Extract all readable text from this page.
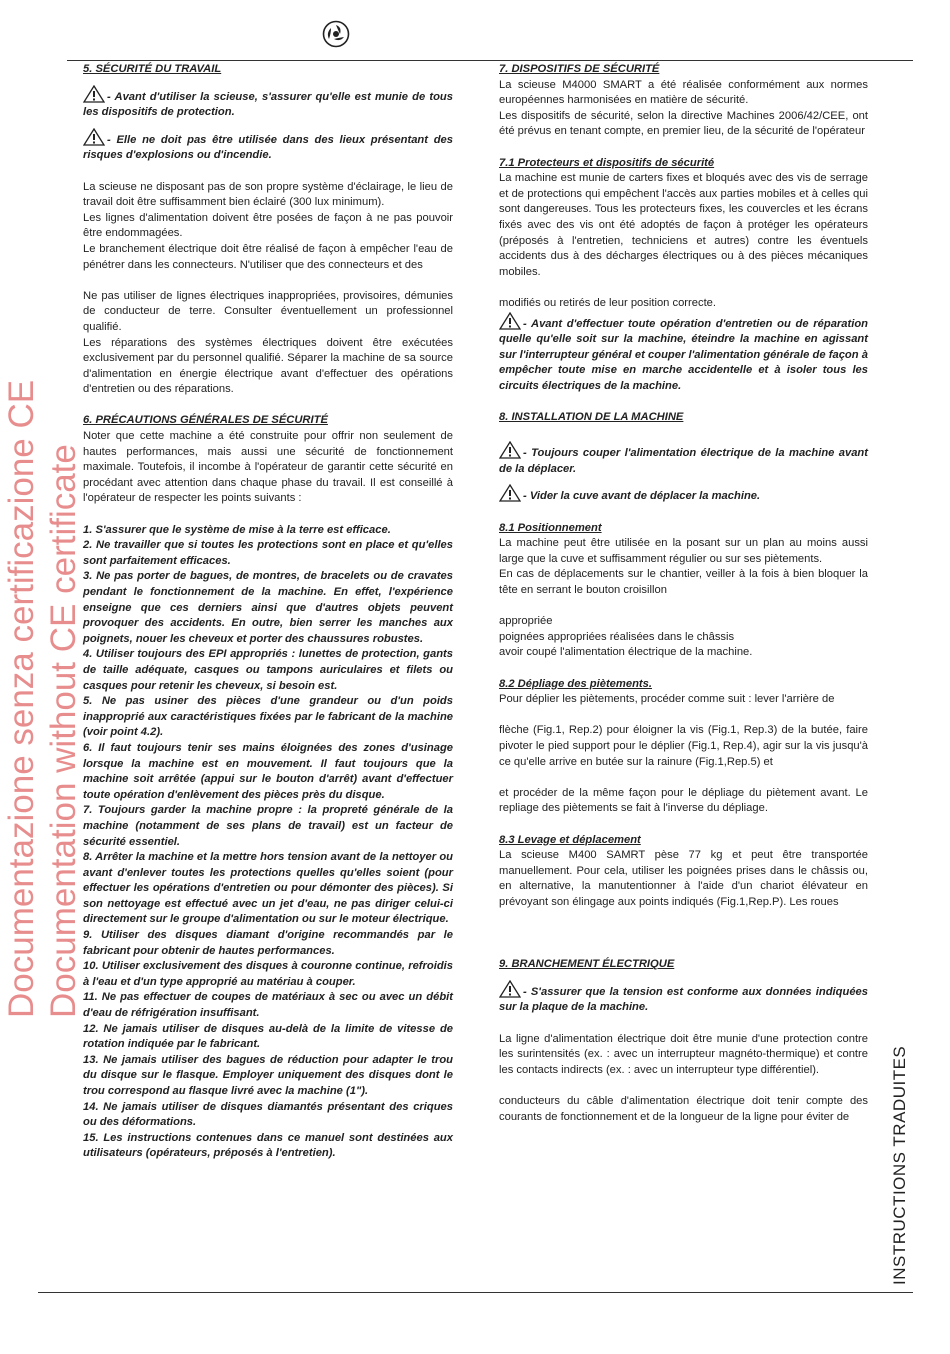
Documentazione senza certificazione CE Documentation without CE certificate
INSTRUCTIONS TRADUITES

5. SÉCURITÉ DU TRAVAIL

- Avant d'utiliser la scieuse, s'assurer qu'elle est munie de tous les dispositifs de protection.

- Elle ne doit pas être utilisée dans des lieux présentant des risques d'explosions ou d'incendie.

La scieuse ne disposant pas de son propre système d'éclairage, le lieu de travail doit être suffisamment bien éclairé (300 lux minimum).

Les lignes d'alimentation doivent être posées de façon à ne pas pouvoir être endommagées.

Le branchement électrique doit être réalisé de façon à empêcher l'eau de pénétrer dans les connecteurs. N'utiliser que des connecteurs et des

Ne pas utiliser de lignes électriques inappropriées, provisoires, démunies de conducteur de terre. Consulter éventuellement un professionnel qualifié.

Les réparations des systèmes électriques doivent être exécutées exclusivement par du personnel qualifié. Séparer la machine de sa source d'alimentation en énergie électrique avant d'effectuer des opérations d'entretien ou des réparations.

6. PRÉCAUTIONS GÉNÉRALES DE SÉCURITÉ

Noter que cette machine a été construite pour offrir non seulement de hautes performances, mais aussi une sécurité de fonctionnement maximale. Toutefois, il incombe à l'opérateur de garantir cette sécurité en procédant avec attention dans chaque phase du travail. Il est conseillé à l'opérateur de respecter les points suivants :

1. S'assurer que le système de mise à la terre est efficace.

2. Ne travailler que si toutes les protections sont en place et qu'elles sont parfaitement efficaces.

3. Ne pas porter de bagues, de montres, de bracelets ou de cravates pendant le fonctionnement de la machine. En effet, l'expérience enseigne que ces derniers ainsi que d'autres objets peuvent provoquer des accidents. En outre, bien serrer les manches aux poignets, nouer les cheveux et porter des chaussures robustes.

4. Utiliser toujours des EPI appropriés : lunettes de protection, gants de taille adéquate, casques ou tampons auriculaires et filets ou casques pour retenir les cheveux, si besoin est.

5. Ne pas usiner des pièces d'une grandeur ou d'un poids inapproprié aux caractéristiques fixées par le fabricant de la machine (voir point 4.2).

6. Il faut toujours tenir ses mains éloignées des zones d'usinage lorsque la machine est en mouvement. Il faut toujours que la machine soit arrêtée (appui sur le bouton d'arrêt) avant d'effectuer toute opération d'enlèvement des pièces près du disque.

7. Toujours garder la machine propre : la propreté générale de la machine (notamment de ses plans de travail) est un facteur de sécurité essentiel.

8. Arrêter la machine et la mettre hors tension avant de la nettoyer ou avant d'enlever toutes les protections quelles qu'elles soient (pour effectuer les opérations d'entretien ou pour démonter des pièces). Si son nettoyage est effectué avec un jet d'eau, ne pas diriger celui-ci directement sur le groupe d'alimentation ou sur le moteur électrique.

9. Utiliser des disques diamant d'origine recommandés par le fabricant pour obtenir de hautes performances.

10. Utiliser exclusivement des disques à couronne continue, refroidis à l'eau et d'un type approprié au matériau à couper.

11. Ne pas effectuer de coupes de matériaux à sec ou avec un débit d'eau de réfrigération insuffisant.

12. Ne jamais utiliser de disques au-delà de la limite de vitesse de rotation indiquée par le fabricant.

13. Ne jamais utiliser des bagues de réduction pour adapter le trou du disque sur le flasque. Employer uniquement des disques dont le trou correspond au flasque livré avec la machine (1").

14. Ne jamais utiliser de disques diamantés présentant des criques ou des déformations.

15. Les instructions contenues dans ce manuel sont destinées aux utilisateurs (opérateurs, préposés à l'entretien).

7. DISPOSITIFS DE SÉCURITÉ

La scieuse M4000 SMART a été réalisée conformément aux normes européennes harmonisées en matière de sécurité.

Les dispositifs de sécurité, selon la directive Machines 2006/42/CEE, ont été prévus en tenant compte, en premier lieu, de la sécurité de l'opérateur

7.1 Protecteurs et dispositifs de sécurité

La machine est munie de carters fixes et bloqués avec des vis de serrage et de protections qui empêchent l'accès aux parties mobiles et à celles qui sont dangereuses. Tous les protecteurs fixes, les couvercles et les écrans fixés avec des vis ont été adoptés de façon à protéger les opérateurs (préposés à l'entretien, techniciens et autres) contre les éventuels accidents dus à des décharges électriques ou à des pièces mécaniques mobiles.

modifiés ou retirés de leur position correcte.

- Avant d'effectuer toute opération d'entretien ou de réparation quelle qu'elle soit sur la machine, éteindre la machine en agissant sur l'interrupteur général et couper l'alimentation générale de façon à empêcher toute mise en marche accidentelle et à isoler tous les circuits électriques de la machine.

8. INSTALLATION DE LA MACHINE

- Toujours couper l'alimentation électrique de la machine avant de la déplacer.

- Vider la cuve avant de déplacer la machine.

8.1 Positionnement

La machine peut être utilisée en la posant sur un plan au moins aussi large que la cuve et suffisamment régulier ou sur ses piètements.

En cas de déplacements sur le chantier, veiller à la fois à bien bloquer la tête en serrant le bouton croisillon

appropriée

poignées appropriées réalisées dans le châssis

avoir coupé l'alimentation électrique de la machine.

8.2 Dépliage des piètements.

Pour déplier les piètements, procéder comme suit : lever l'arrière de

flèche (Fig.1, Rep.2) pour éloigner la vis (Fig.1, Rep.3) de la butée, faire pivoter le pied support pour le déplier (Fig.1, Rep.4), agir sur la vis jusqu'à ce qu'elle arrive en butée sur la rainure (Fig.1,Rep.5) et

et procéder de la même façon pour le dépliage du piètement avant. Le repliage des piètements se fait à l'inverse du dépliage.

8.3 Levage et déplacement

La scieuse M400 SAMRT pèse 77 kg et peut être transportée manuellement. Pour cela, utiliser les poignées prises dans le châssis ou, en alternative, la manutentionner à l'aide d'un chariot élévateur en prévoyant son élingage aux points indiqués (Fig.1,Rep.P). Les roues

9. BRANCHEMENT ÉLECTRIQUE

- S'assurer que la tension est conforme aux données indiquées sur la plaque de la machine.

La ligne d'alimentation électrique doit être munie d'une protection contre les surintensités (ex. : avec un interrupteur magnéto-thermique) et contre les contacts indirects (ex. : avec un interrupteur type différentiel).

conducteurs du câble d'alimentation électrique doit tenir compte des courants de fonctionnement et de la longueur de la ligne pour éviter de
